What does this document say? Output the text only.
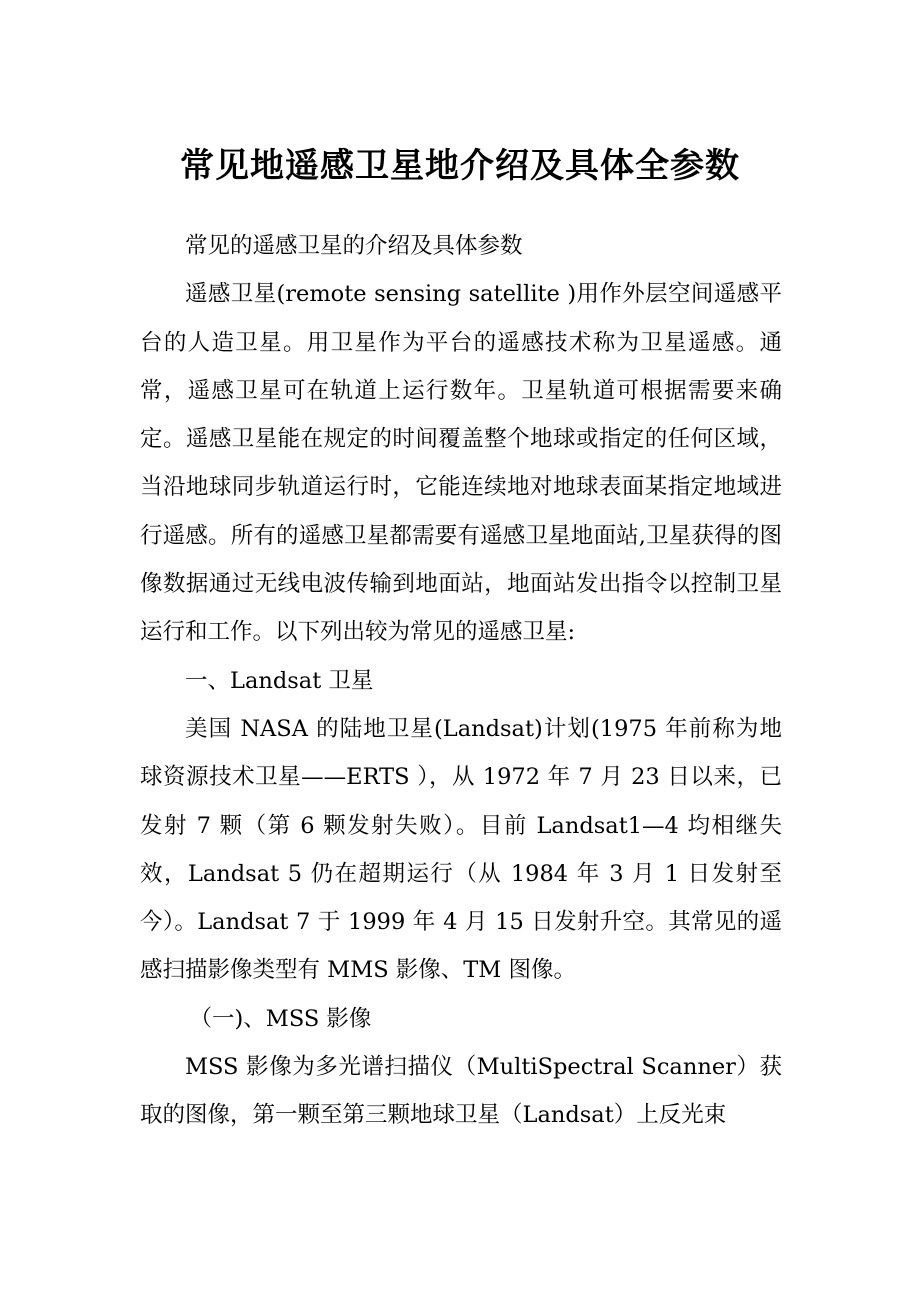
常见地遥感卫星地介绍及具体全参数

常见的遥感卫星的介绍及具体参数

遥感卫星(remote sensing satellite )用作外层空间遥感平台的人造卫星。用卫星作为平台的遥感技术称为卫星遥感。通常，遥感卫星可在轨道上运行数年。卫星轨道可根据需要来确定。遥感卫星能在规定的时间覆盖整个地球或指定的任何区域，当沿地球同步轨道运行时，它能连续地对地球表面某指定地域进行遥感。所有的遥感卫星都需要有遥感卫星地面站,卫星获得的图像数据通过无线电波传输到地面站，地面站发出指令以控制卫星运行和工作。以下列出较为常见的遥感卫星:

一、Landsat 卫星

美国 NASA 的陆地卫星(Landsat)计划(1975 年前称为地球资源技术卫星——ERTS ），从 1972 年 7 月 23 日以来，已发射 7 颗（第 6 颗发射失败）。目前 Landsat1—4 均相继失效，Landsat 5 仍在超期运行（从 1984 年 3 月 1 日发射至今）。Landsat 7 于 1999 年 4 月 15 日发射升空。其常见的遥感扫描影像类型有 MMS 影像、TM 图像。

（一)、MSS 影像

MSS 影像为多光谱扫描仪（MultiSpectral Scanner）获取的图像，第一颗至第三颗地球卫星（Landsat）上反光束
